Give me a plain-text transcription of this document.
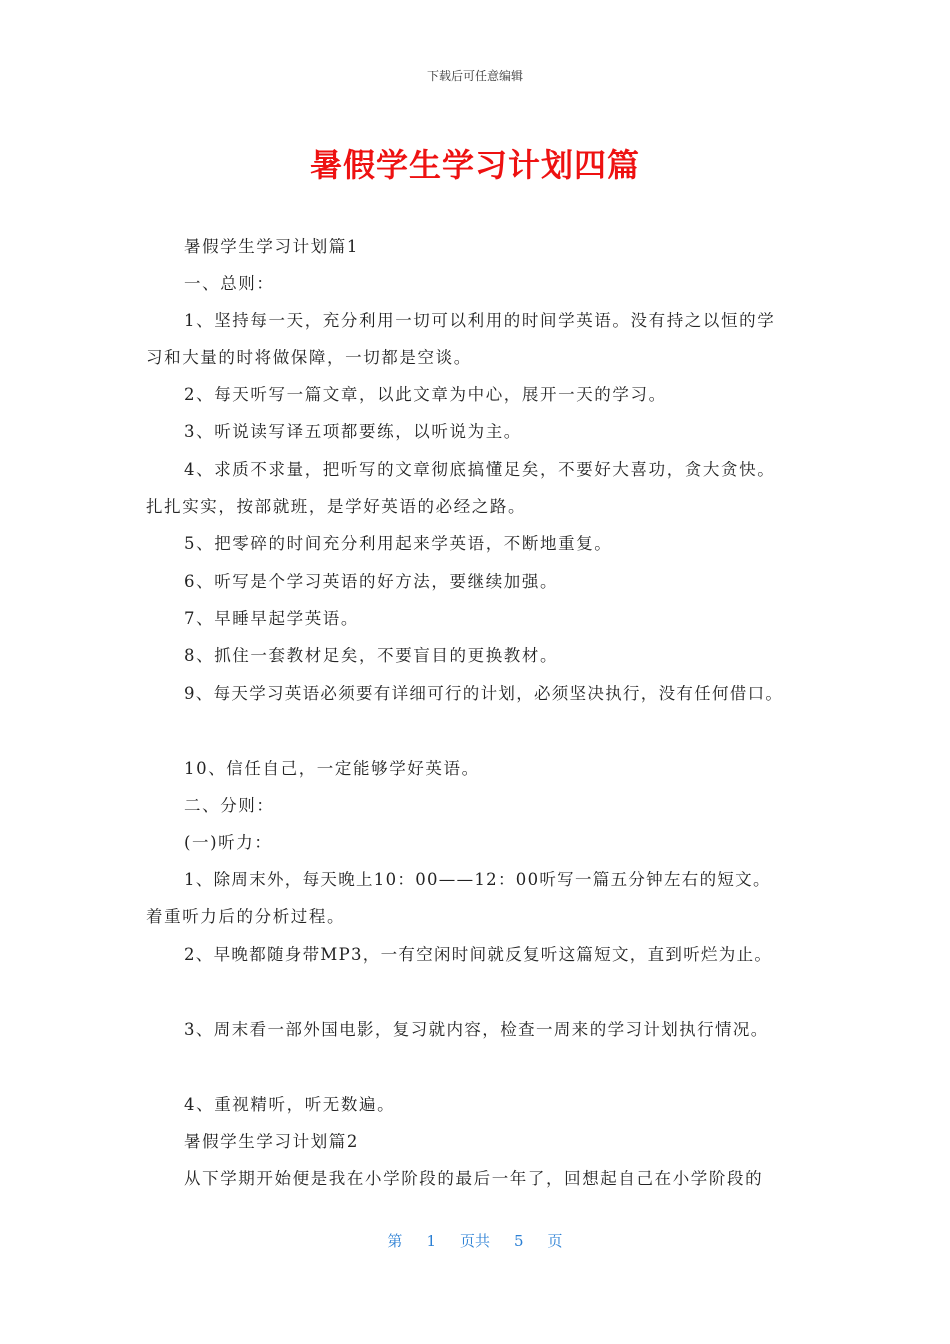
下载后可任意编辑
暑假学生学习计划四篇
暑假学生学习计划篇1
一、总则：
1、坚持每一天，充分利用一切可以利用的时间学英语。没有持之以恒的学
习和大量的时将做保障，一切都是空谈。
2、每天听写一篇文章，以此文章为中心，展开一天的学习。
3、听说读写译五项都要练，以听说为主。
4、求质不求量，把听写的文章彻底搞懂足矣，不要好大喜功，贪大贪快。
扎扎实实，按部就班，是学好英语的必经之路。
5、把零碎的时间充分利用起来学英语，不断地重复。
6、听写是个学习英语的好方法，要继续加强。
7、早睡早起学英语。
8、抓住一套教材足矣，不要盲目的更换教材。
9、每天学习英语必须要有详细可行的计划，必须坚决执行，没有任何借口。
10、信任自己，一定能够学好英语。
二、分则：
(一)听力：
1、除周末外，每天晚上10：00——12：00听写一篇五分钟左右的短文。
着重听力后的分析过程。
2、早晚都随身带MP3，一有空闲时间就反复听这篇短文，直到听烂为止。
3、周末看一部外国电影，复习就内容，检查一周来的学习计划执行情况。
4、重视精听，听无数遍。
暑假学生学习计划篇2
从下学期开始便是我在小学阶段的最后一年了，回想起自己在小学阶段的
第 1 页共 5 页
